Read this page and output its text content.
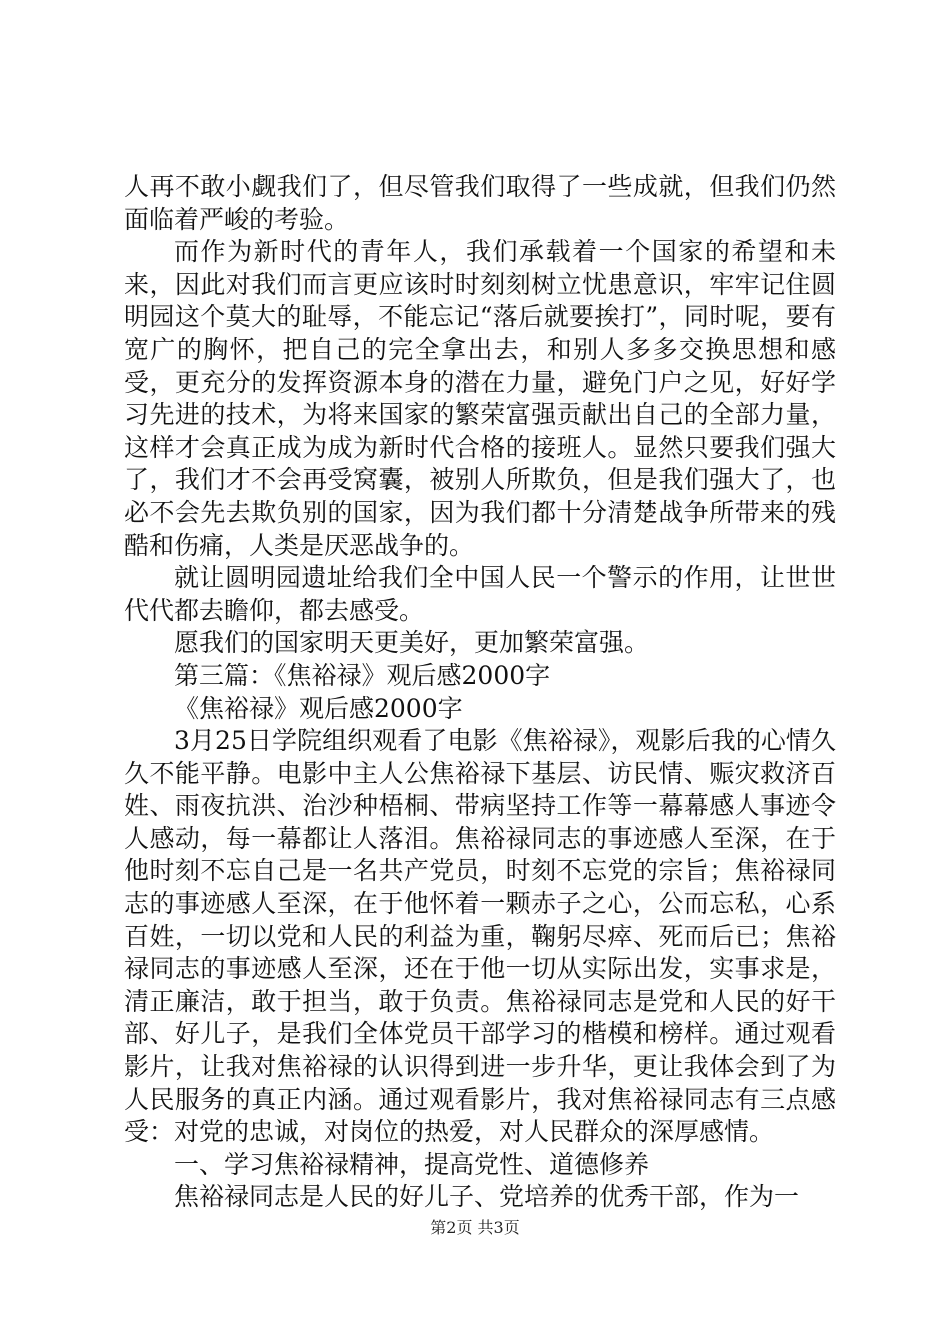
人再不敢小觑我们了，但尽管我们取得了一些成就，但我们仍然面临着严峻的考验。

而作为新时代的青年人，我们承载着一个国家的希望和未来，因此对我们而言更应该时时刻刻树立忧患意识，牢牢记住圆明园这个莫大的耻辱，不能忘记“落后就要挨打”，同时呢，要有宽广的胸怀，把自己的完全拿出去，和别人多多交换思想和感受，更充分的发挥资源本身的潜在力量，避免门户之见，好好学习先进的技术，为将来国家的繁荣富强贡献出自己的全部力量，这样才会真正成为成为新时代合格的接班人。显然只要我们强大了，我们才不会再受窝囊，被别人所欺负，但是我们强大了，也必不会先去欺负别的国家，因为我们都十分清楚战争所带来的残酷和伤痛，人类是厌恶战争的。

就让圆明园遗址给我们全中国人民一个警示的作用，让世世代代都去瞻仰，都去感受。

愿我们的国家明天更美好，更加繁荣富强。

第三篇：《焦裕禄》观后感2000字

《焦裕禄》观后感2000字

3月25日学院组织观看了电影《焦裕禄》，观影后我的心情久久不能平静。电影中主人公焦裕禄下基层、访民情、赈灾救济百姓、雨夜抗洪、治沙种梧桐、带病坚持工作等一幕幕感人事迹令人感动，每一幕都让人落泪。焦裕禄同志的事迹感人至深，在于他时刻不忘自己是一名共产党员，时刻不忘党的宗旨；焦裕禄同志的事迹感人至深，在于他怀着一颗赤子之心，公而忘私，心系百姓，一切以党和人民的利益为重，鞠躬尽瘁、死而后已；焦裕禄同志的事迹感人至深，还在于他一切从实际出发，实事求是，清正廉洁，敢于担当，敢于负责。焦裕禄同志是党和人民的好干部、好儿子，是我们全体党员干部学习的楷模和榜样。通过观看影片，让我对焦裕禄的认识得到进一步升华，更让我体会到了为人民服务的真正内涵。通过观看影片，我对焦裕禄同志有三点感受：对党的忠诚，对岗位的热爱，对人民群众的深厚感情。

一、学习焦裕禄精神，提高党性、道德修养

焦裕禄同志是人民的好儿子、党培养的优秀干部，作为一

第2页 共3页
